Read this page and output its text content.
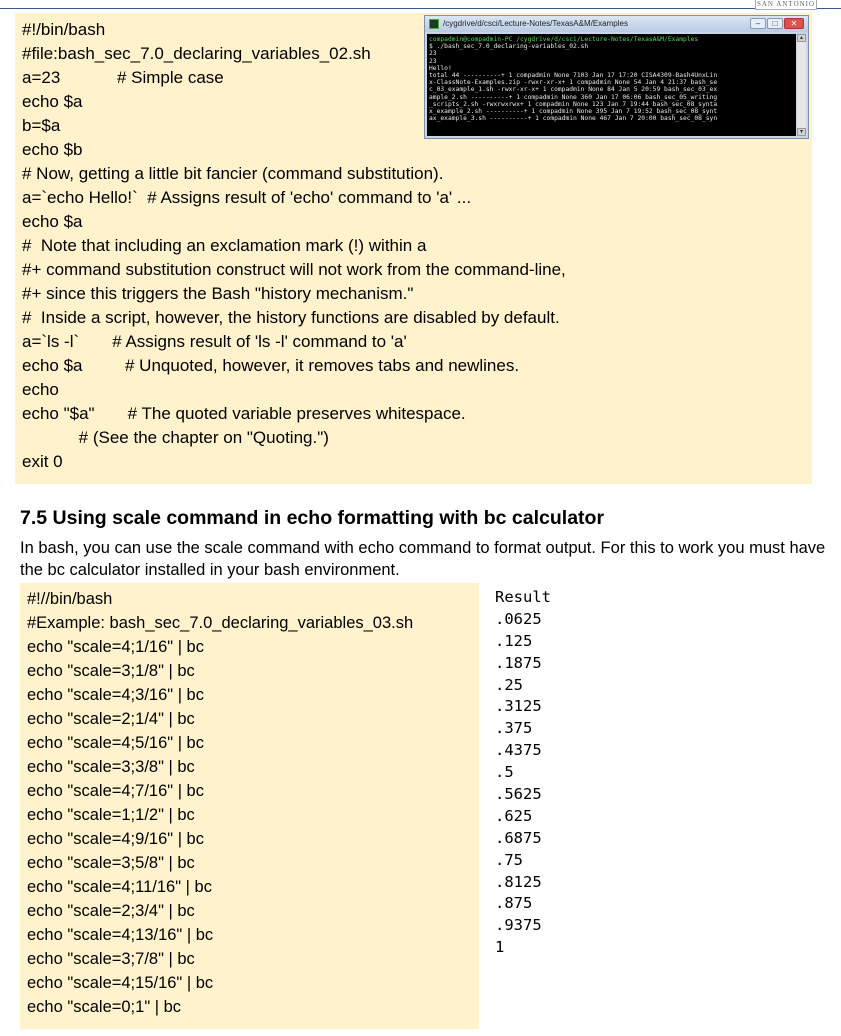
SAN ANTONIO
#!/bin/bash
#file:bash_sec_7.0_declaring_variables_02.sh
a=23            # Simple case
echo $a
b=$a
echo $b
# Now, getting a little bit fancier (command substitution).
a=`echo Hello!`  # Assigns result of 'echo' command to 'a' ...
echo $a
#  Note that including an exclamation mark (!) within a
#+ command substitution construct will not work from the command-line,
#+ since this triggers the Bash "history mechanism."
#  Inside a script, however, the history functions are disabled by default.
a=`ls -l`       # Assigns result of 'ls -l' command to 'a'
echo $a         # Unquoted, however, it removes tabs and newlines.
echo
echo "$a"       # The quoted variable preserves whitespace.
# (See the chapter on "Quoting.")
exit 0
/cygdrive/d/csci/Lecture-Notes/TexasA&M/Examples	–	□	✕
compadmin@compadmin-PC /cygdrive/d/csci/Lecture-Notes/TexasA&M/Examples
$ ./bash_sec_7.0_declaring-variables_02.sh
23
23
Hello!
total 44 ----------+ 1 compadmin None 7103 Jan 17 17:20 CISA4309-Bash4UnxLin
x-ClassNote-Examples.zip -rwxr-xr-x+ 1 compadmin None 54 Jan 4 21:37 bash_se
c_03_example_1.sh -rwxr-xr-x+ 1 compadmin None 84 Jan 5 20:59 bash_sec_03_ex
ample_2.sh ----------+ 1 compadmin None 360 Jan 17 06:06 bash_sec_05_writing
_scripts_2.sh -rwxrwxrwx+ 1 compadmin None 123 Jan 7 19:44 bash_sec_08_synta
x_example_2.sh ----------+ 1 compadmin None 395 Jan 7 19:52 bash_sec_08_synt
ax_example_3.sh ----------+ 1 compadmin None 467 Jan 7 20:00 bash_sec_08_syn
▴
▾
7.5 Using scale command in echo formatting with bc calculator
In bash, you can use the scale command with echo command to format output. For this to work you must have the bc calculator installed in your bash environment.
#!//bin/bash
#Example: bash_sec_7.0_declaring_variables_03.sh
echo "scale=4;1/16" | bc
echo "scale=3;1/8" | bc
echo "scale=4;3/16" | bc
echo "scale=2;1/4" | bc
echo "scale=4;5/16" | bc
echo "scale=3;3/8" | bc
echo "scale=4;7/16" | bc
echo "scale=1;1/2" | bc
echo "scale=4;9/16" | bc
echo "scale=3;5/8" | bc
echo "scale=4;11/16" | bc
echo "scale=2;3/4" | bc
echo "scale=4;13/16" | bc
echo "scale=3;7/8" | bc
echo "scale=4;15/16" | bc
echo "scale=0;1" | bc
Result
.0625
.125
.1875
.25
.3125
.375
.4375
.5
.5625
.625
.6875
.75
.8125
.875
.9375
1
